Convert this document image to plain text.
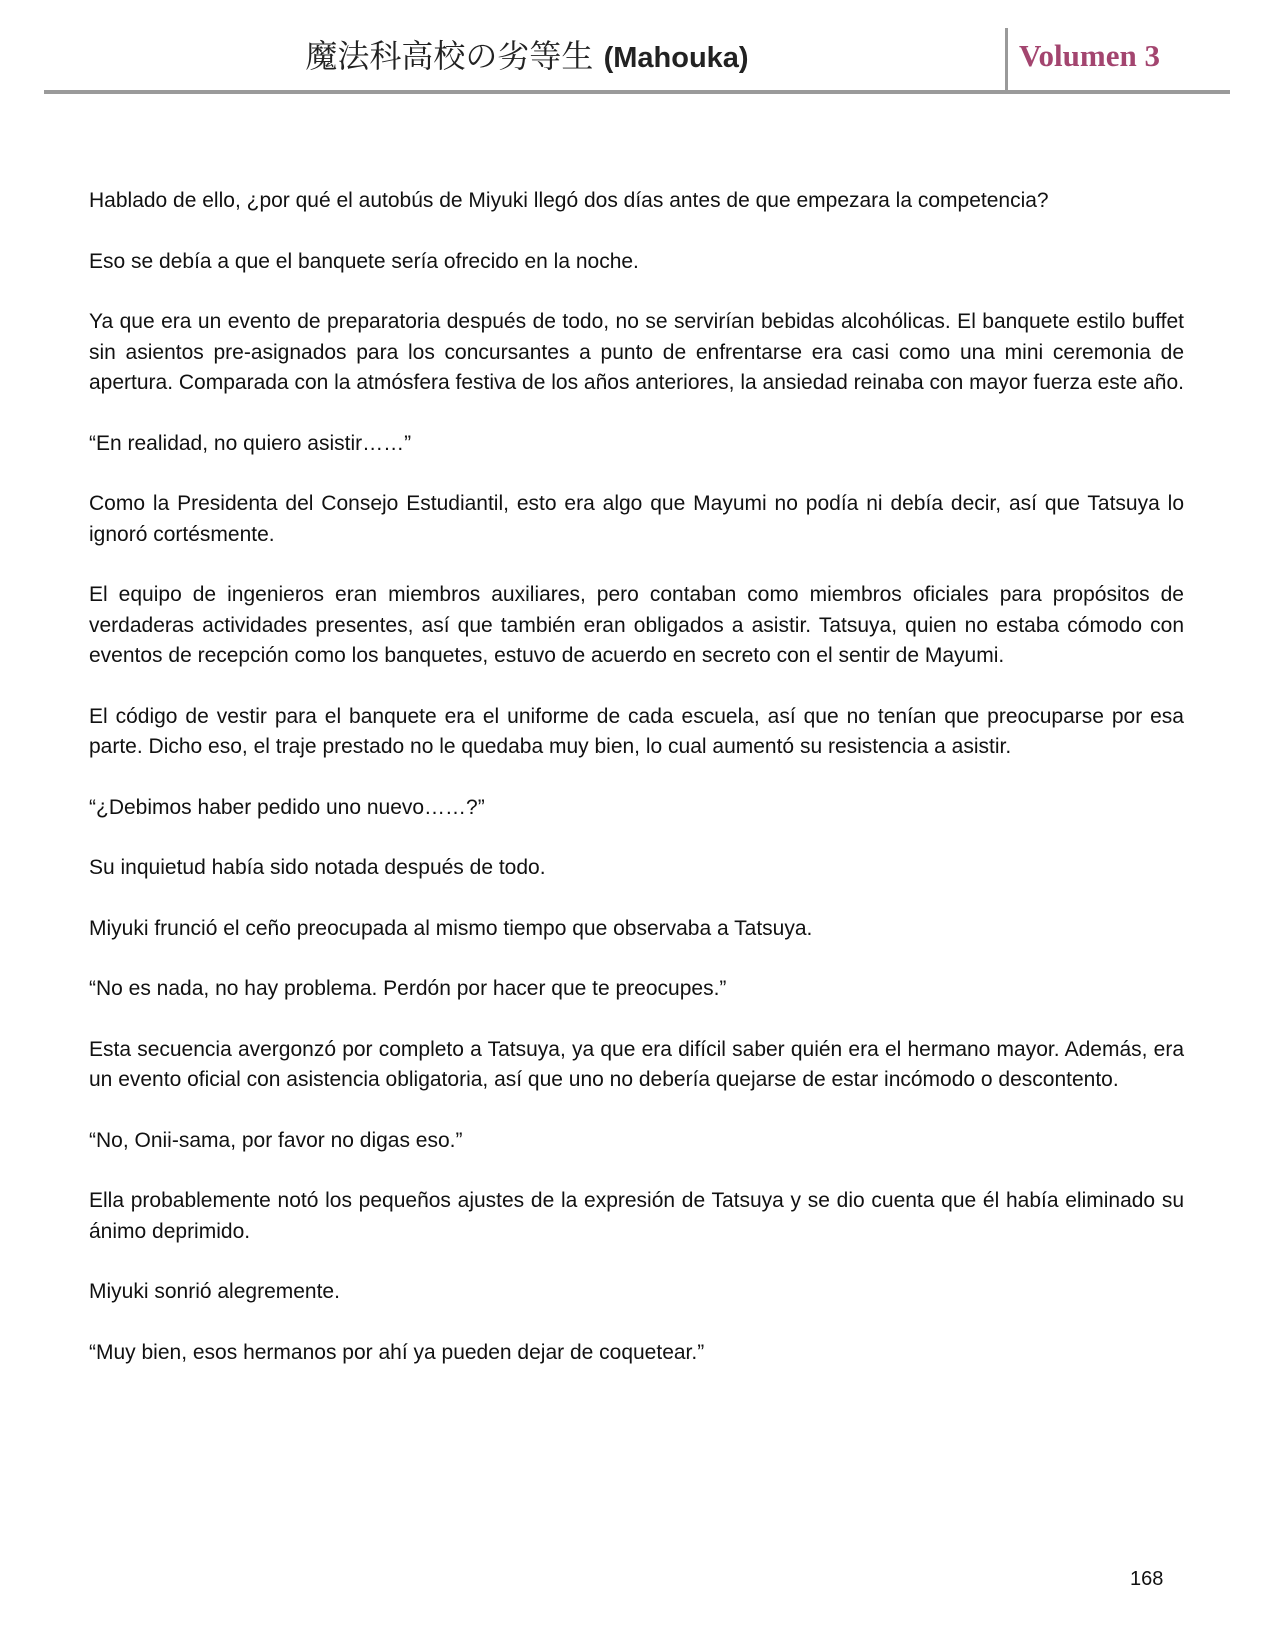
魔法科高校の劣等生 (Mahouka)	Volumen 3

Hablado de ello, ¿por qué el autobús de Miyuki llegó dos días antes de que empezara la competencia?

Eso se debía a que el banquete sería ofrecido en la noche.

Ya que era un evento de preparatoria después de todo, no se servirían bebidas alcohólicas. El banquete estilo buffet sin asientos pre-asignados para los concursantes a punto de enfrentarse era casi como una mini ceremonia de apertura. Comparada con la atmósfera festiva de los años anteriores, la ansiedad reinaba con mayor fuerza este año.

“En realidad, no quiero asistir……”

Como la Presidenta del Consejo Estudiantil, esto era algo que Mayumi no podía ni debía decir, así que Tatsuya lo ignoró cortésmente.

El equipo de ingenieros eran miembros auxiliares, pero contaban como miembros oficiales para propósitos de verdaderas actividades presentes, así que también eran obligados a asistir. Tatsuya, quien no estaba cómodo con eventos de recepción como los banquetes, estuvo de acuerdo en secreto con el sentir de Mayumi.

El código de vestir para el banquete era el uniforme de cada escuela, así que no tenían que preocuparse por esa parte. Dicho eso, el traje prestado no le quedaba muy bien, lo cual aumentó su resistencia a asistir.

“¿Debimos haber pedido uno nuevo……?”

Su inquietud había sido notada después de todo.

Miyuki frunció el ceño preocupada al mismo tiempo que observaba a Tatsuya.

“No es nada, no hay problema. Perdón por hacer que te preocupes.”

Esta secuencia avergonzó por completo a Tatsuya, ya que era difícil saber quién era el hermano mayor. Además, era un evento oficial con asistencia obligatoria, así que uno no debería quejarse de estar incómodo o descontento.

“No, Onii-sama, por favor no digas eso.”

Ella probablemente notó los pequeños ajustes de la expresión de Tatsuya y se dio cuenta que él había eliminado su ánimo deprimido.

Miyuki sonrió alegremente.

“Muy bien, esos hermanos por ahí ya pueden dejar de coquetear.”

168
